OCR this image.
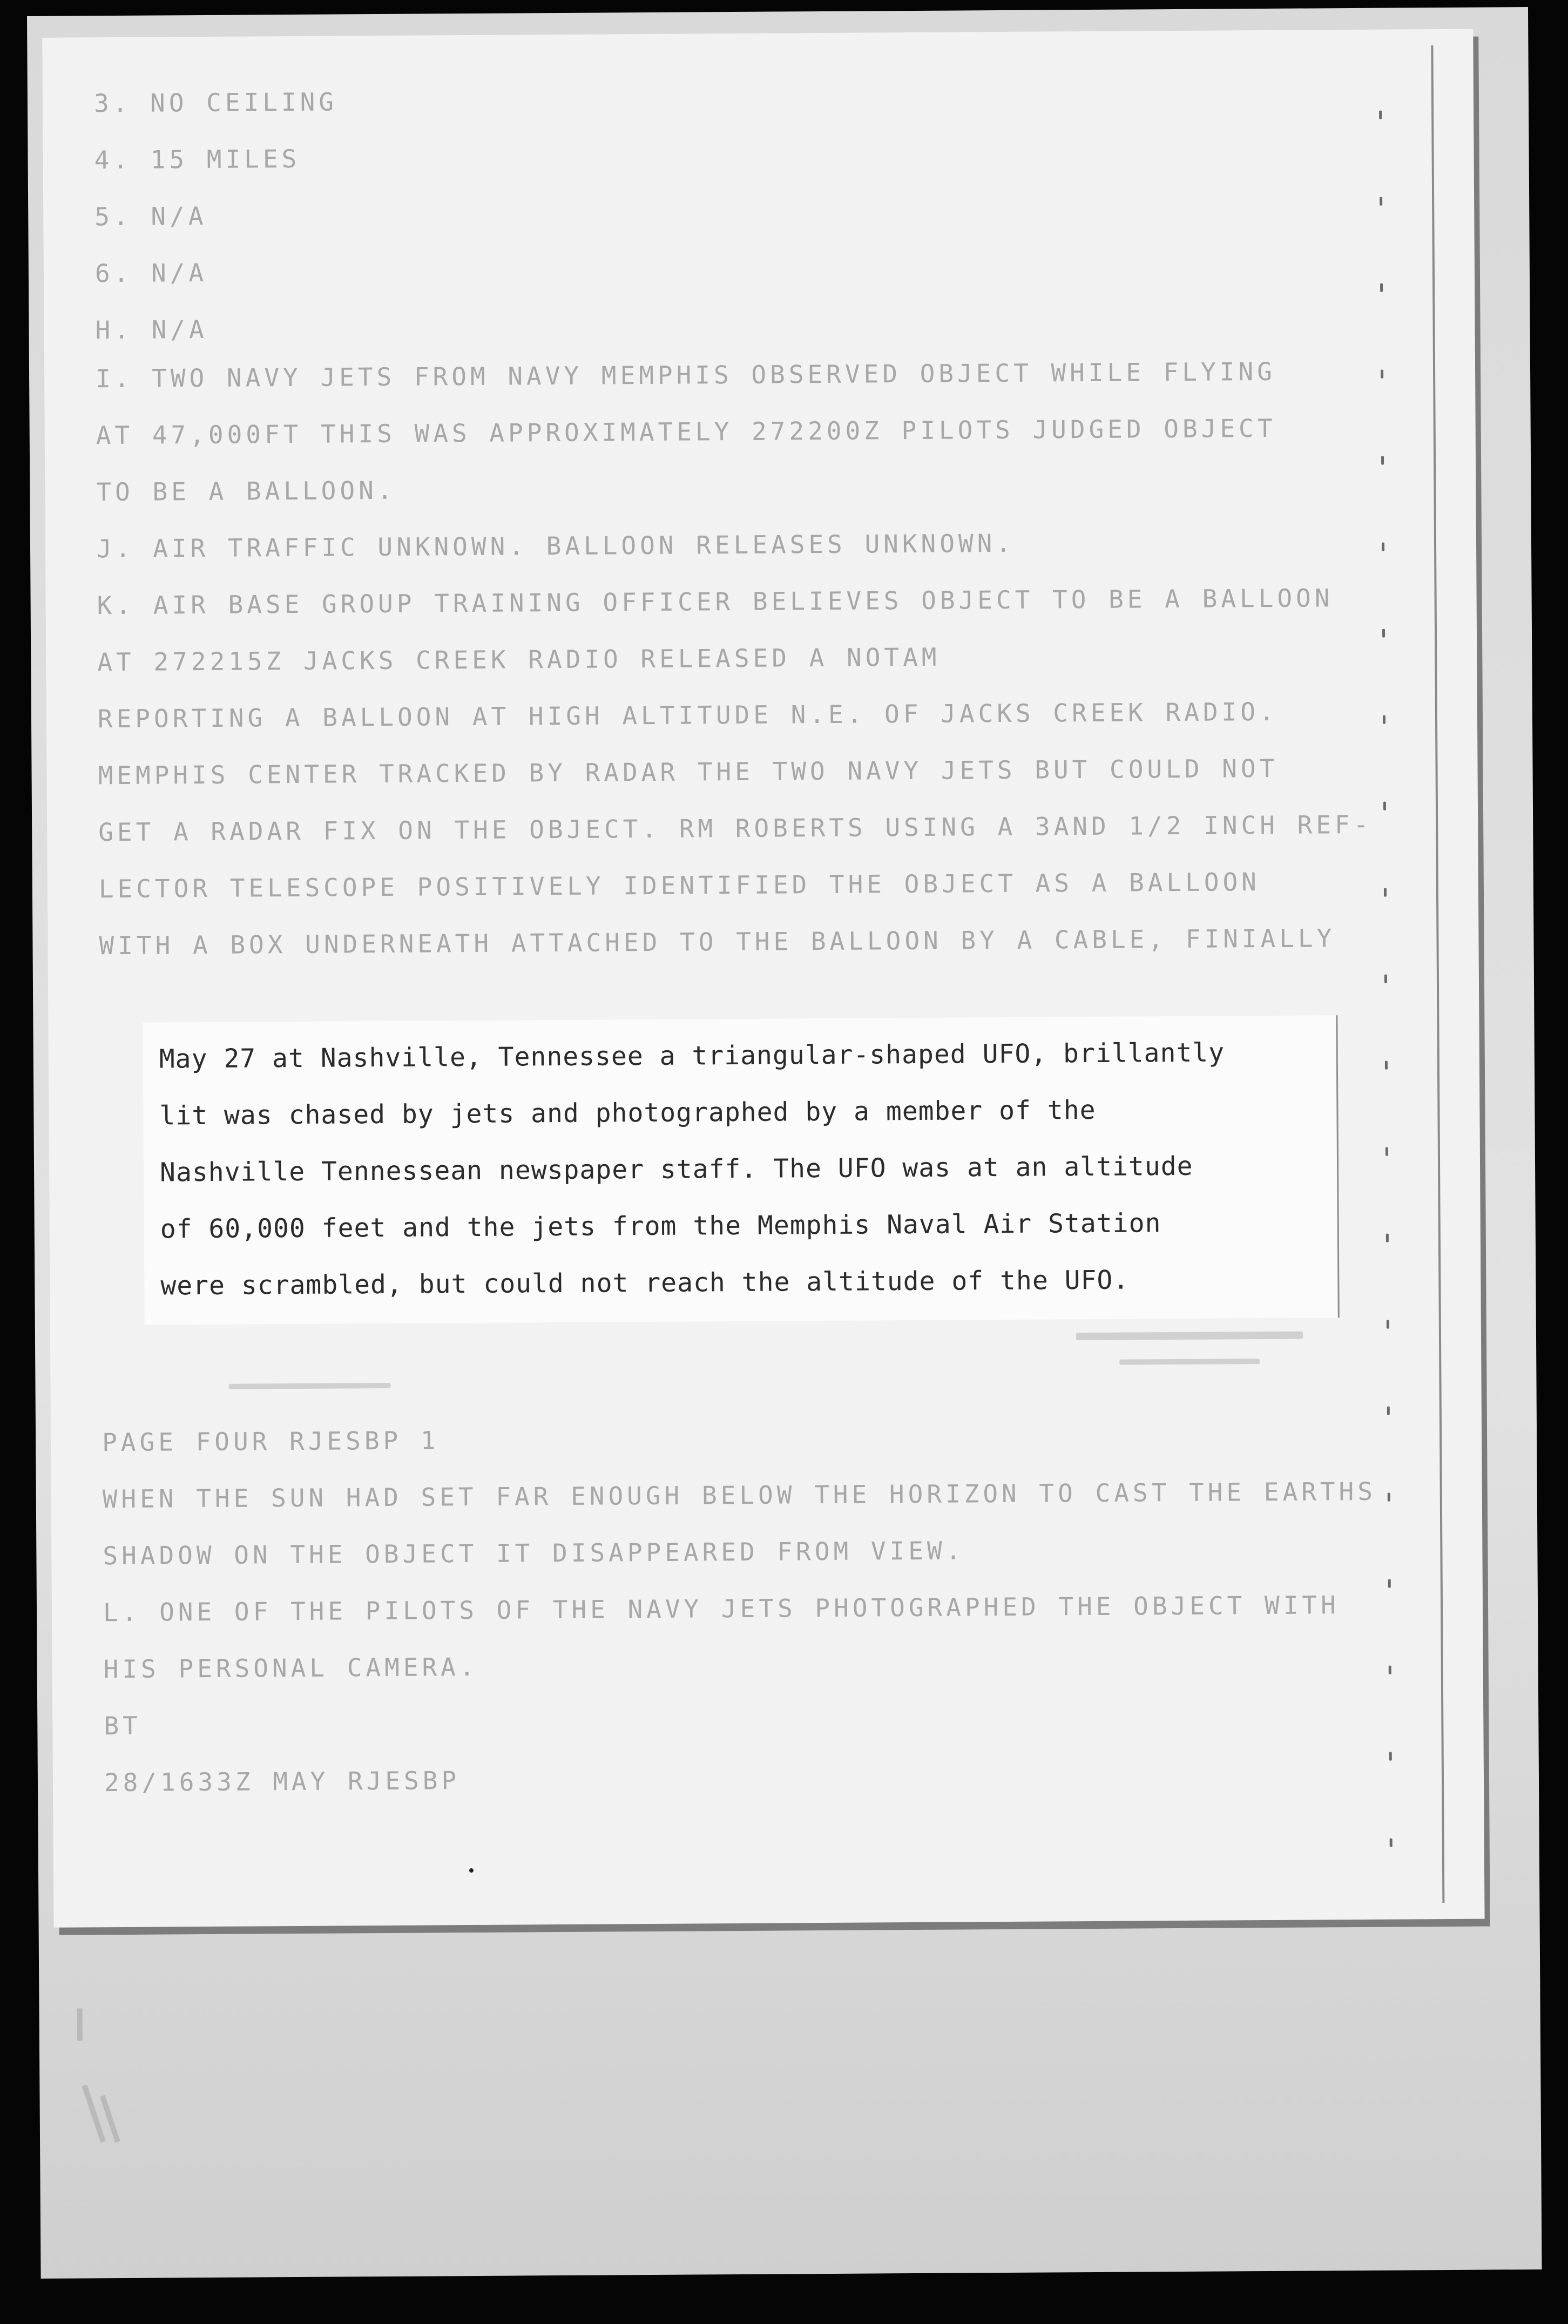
3. NO CEILING

4. 15 MILES

5. N/A

6. N/A

H. N/A

I. TWO NAVY JETS FROM NAVY MEMPHIS OBSERVED OBJECT WHILE FLYING

AT 47,000FT THIS WAS APPROXIMATELY 272200Z PILOTS JUDGED OBJECT

TO BE A BALLOON.

J. AIR TRAFFIC UNKNOWN. BALLOON RELEASES UNKNOWN.

K. AIR BASE GROUP TRAINING OFFICER BELIEVES OBJECT TO BE A BALLOON

AT 272215Z JACKS CREEK RADIO RELEASED A NOTAM

REPORTING A BALLOON AT HIGH ALTITUDE N.E. OF JACKS CREEK RADIO.

MEMPHIS CENTER TRACKED BY RADAR THE TWO NAVY JETS BUT COULD NOT

GET A RADAR FIX ON THE OBJECT. RM ROBERTS USING A 3AND 1/2 INCH REF-

LECTOR TELESCOPE POSITIVELY IDENTIFIED THE OBJECT AS A BALLOON

WITH A BOX UNDERNEATH ATTACHED TO THE BALLOON BY A CABLE, FINIALLY

May 27 at Nashville, Tennessee a triangular-shaped UFO, brillantly

lit was chased by jets and photographed by a member of the

Nashville Tennessean newspaper staff. The UFO was at an altitude

of 60,000 feet and the jets from the Memphis Naval Air Station

were scrambled, but could not reach the altitude of the UFO.

PAGE FOUR RJESBP 1

WHEN THE SUN HAD SET FAR ENOUGH BELOW THE HORIZON TO CAST THE EARTHS

SHADOW ON THE OBJECT IT DISAPPEARED FROM VIEW.

L. ONE OF THE PILOTS OF THE NAVY JETS PHOTOGRAPHED THE OBJECT WITH

HIS PERSONAL CAMERA.

BT

28/1633Z MAY RJESBP
